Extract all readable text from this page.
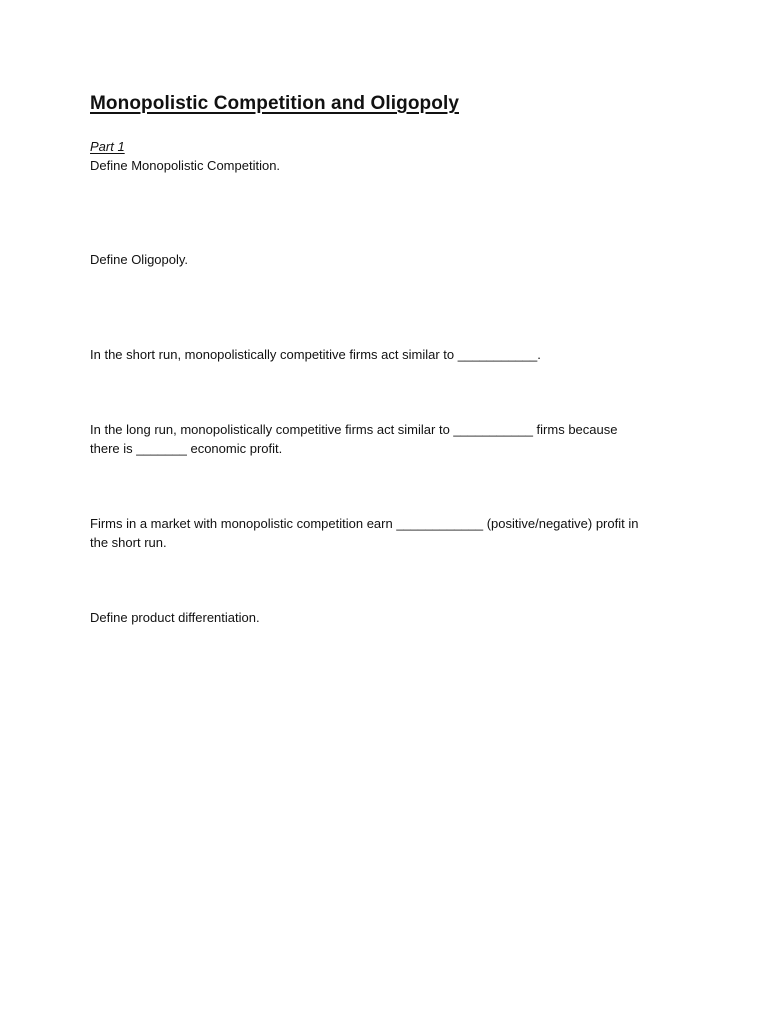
Monopolistic Competition and Oligopoly
Part 1
Define Monopolistic Competition.
Define Oligopoly.
In the short run, monopolistically competitive firms act similar to ___________.
In the long run, monopolistically competitive firms act similar to ___________ firms because
there is _______ economic profit.
Firms in a market with monopolistic competition earn ____________ (positive/negative) profit in
the short run.
Define product differentiation.
